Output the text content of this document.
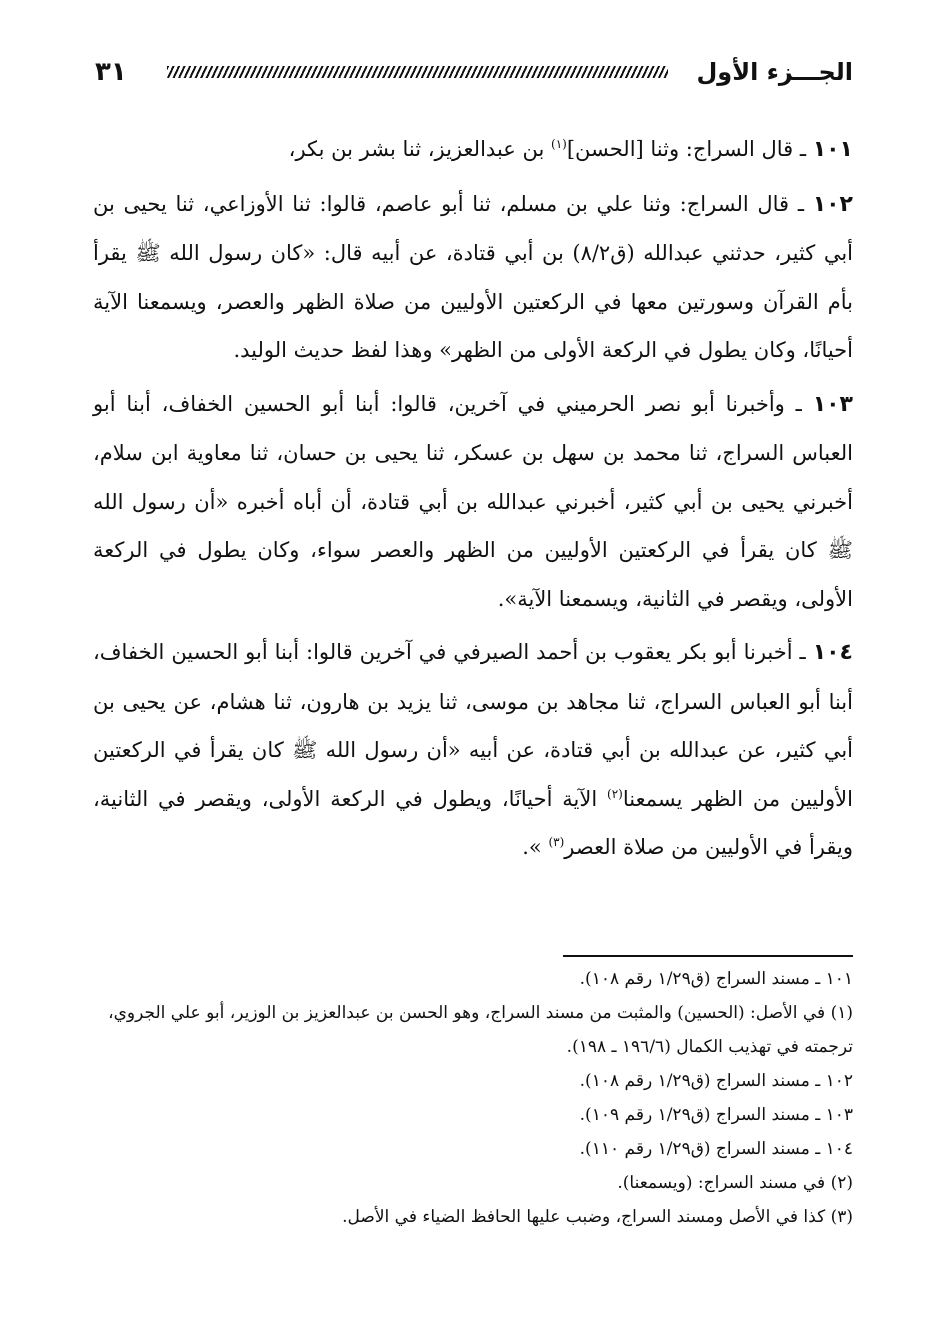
الجـــزء الأول
٣١

١٠١ ـ قال السراج: وثنا [الحسن]$^{(١)}$ بن عبدالعزيز، ثنا بشر بن بكر،

١٠٢ ـ قال السراج: وثنا علي بن مسلم، ثنا أبو عاصم، قالوا: ثنا الأوزاعي، ثنا يحيى بن أبي كثير، حدثني عبدالله (ق٨/٢) بن أبي قتادة، عن أبيه قال: «كان رسول الله ﷺ يقرأ بأم القرآن وسورتين معها في الركعتين الأوليين من صلاة الظهر والعصر، ويسمعنا الآية أحيانًا، وكان يطول في الركعة الأولى من الظهر» وهذا لفظ حديث الوليد.

١٠٣ ـ وأخبرنا أبو نصر الحرميني في آخرين، قالوا: أبنا أبو الحسين الخفاف، أبنا أبو العباس السراج، ثنا محمد بن سهل بن عسكر، ثنا يحيى بن حسان، ثنا معاوية ابن سلام، أخبرني يحيى بن أبي كثير، أخبرني عبدالله بن أبي قتادة، أن أباه أخبره «أن رسول الله ﷺ كان يقرأ في الركعتين الأوليين من الظهر والعصر سواء، وكان يطول في الركعة الأولى، ويقصر في الثانية، ويسمعنا الآية».

١٠٤ ـ أخبرنا أبو بكر يعقوب بن أحمد الصيرفي في آخرين قالوا: أبنا أبو الحسين الخفاف، أبنا أبو العباس السراج، ثنا مجاهد بن موسى، ثنا يزيد بن هارون، ثنا هشام، عن يحيى بن أبي كثير، عن عبدالله بن أبي قتادة، عن أبيه «أن رسول الله ﷺ كان يقرأ في الركعتين الأوليين من الظهر يسمعنا$^{(٢)}$ الآية أحيانًا، ويطول في الركعة الأولى، ويقصر في الثانية، ويقرأ في الأوليين من صلاة العصر$^{(٣)}$ ».

١٠١ ـ مسند السراج (ق١/٢٩ رقم ١٠٨).

(١) في الأصل: (الحسين) والمثبت من مسند السراج، وهو الحسن بن عبدالعزيز بن الوزير، أبو علي الجروي، ترجمته في تهذيب الكمال (١٩٦/٦ ـ ١٩٨).

١٠٢ ـ مسند السراج (ق١/٢٩ رقم ١٠٨).

١٠٣ ـ مسند السراج (ق١/٢٩ رقم ١٠٩).

١٠٤ ـ مسند السراج (ق١/٢٩ رقم ١١٠).

(٢) في مسند السراج: (ويسمعنا).

(٣) كذا في الأصل ومسند السراج، وضبب عليها الحافظ الضياء في الأصل.
